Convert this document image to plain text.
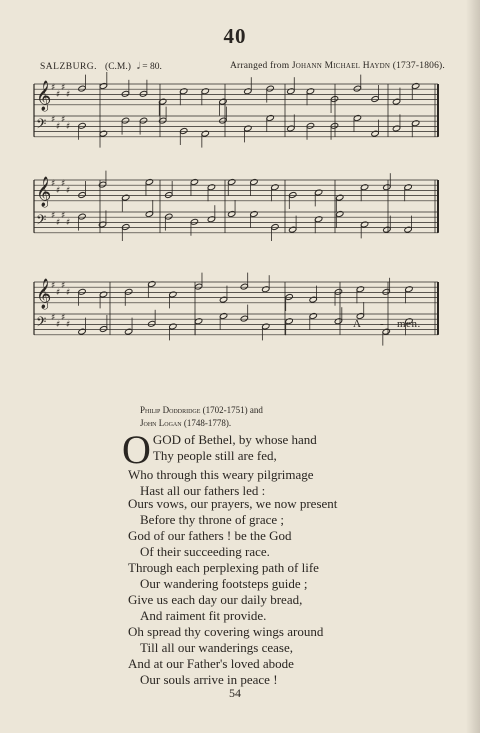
40
SALZBURG. (C.M.) 𝅗𝅥 = 80.	Arranged from Johann Michael Haydn (1737-1806).
𝄞 ♯
♯
♯
♯
𝄢 ♯
♯
♯
♯
𝄞 ♯
♯
♯
♯
𝄢 ♯
♯
♯
♯
𝄞 ♯
♯
♯
♯
𝄢 ♯
♯
♯
♯	A - men.
Philip Doddridge (1702-1751) and
John Logan (1748-1778).
O GOD of Bethel, by whose hand
Thy people still are fed,
Who through this weary pilgrimage
Hast all our fathers led :
Ours vows, our prayers, we now present
Before thy throne of grace ;
God of our fathers ! be the God
Of their succeeding race.
Through each perplexing path of life
Our wandering footsteps guide ;
Give us each day our daily bread,
And raiment fit provide.
Oh spread thy covering wings around
Till all our wanderings cease,
And at our Father's loved abode
Our souls arrive in peace !
54
